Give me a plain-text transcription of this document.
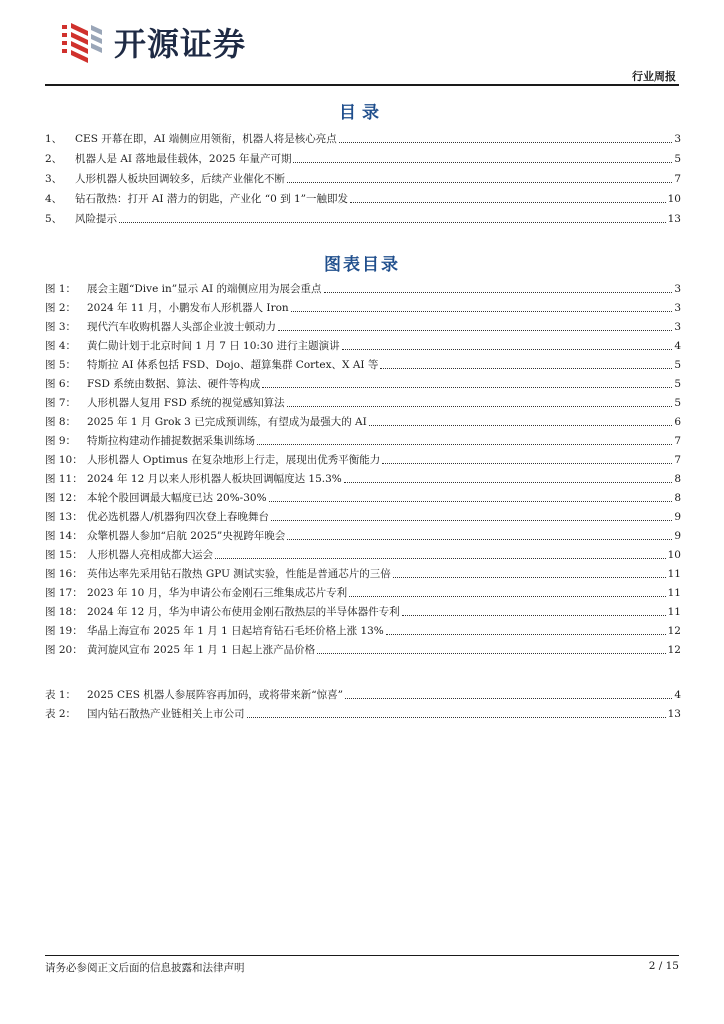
开源证券
行业周报
目录
1、 CES 开幕在即，AI 端侧应用领衔，机器人将是核心亮点	3
2、 机器人是 AI 落地最佳载体，2025 年量产可期	5
3、 人形机器人板块回调较多，后续产业催化不断	7
4、 钻石散热：打开 AI 潜力的钥匙，产业化 “0 到 1”一触即发	10
5、 风险提示	13
图表目录
图 1：	展会主题“Dive in”显示 AI 的端侧应用为展会重点	3
图 2：	2024 年 11 月，小鹏发布人形机器人 Iron	3
图 3：	现代汽车收购机器人头部企业波士顿动力	3
图 4：	黄仁勋计划于北京时间 1 月 7 日 10:30 进行主题演讲	4
图 5：	特斯拉 AI 体系包括 FSD、Dojo、超算集群 Cortex、X AI 等	5
图 6：	FSD 系统由数据、算法、硬件等构成	5
图 7：	人形机器人复用 FSD 系统的视觉感知算法	5
图 8：	2025 年 1 月 Grok 3 已完成预训练，有望成为最强大的 AI	6
图 9：	特斯拉构建动作捕捉数据采集训练场	7
图 10： 人形机器人 Optimus 在复杂地形上行走，展现出优秀平衡能力	7
图 11： 2024 年 12 月以来人形机器人板块回调幅度达 15.3%	8
图 12： 本轮个股回调最大幅度已达 20%-30%	8
图 13： 优必选机器人/机器狗四次登上春晚舞台	9
图 14： 众擎机器人参加“启航 2025”央视跨年晚会	9
图 15： 人形机器人亮相成都大运会	10
图 16： 英伟达率先采用钻石散热 GPU 测试实验，性能是普通芯片的三倍	11
图 17： 2023 年 10 月，华为申请公布金刚石三维集成芯片专利	11
图 18： 2024 年 12 月，华为申请公布使用金刚石散热层的半导体器件专利	11
图 19： 华晶上海宣布 2025 年 1 月 1 日起培育钻石毛坯价格上涨 13%	12
图 20： 黄河旋风宣布 2025 年 1 月 1 日起上涨产品价格	12
表 1：	2025 CES 机器人参展阵容再加码，或将带来新“惊喜”	4
表 2：	国内钻石散热产业链相关上市公司	13
请务必参阅正文后面的信息披露和法律声明	2 / 15
